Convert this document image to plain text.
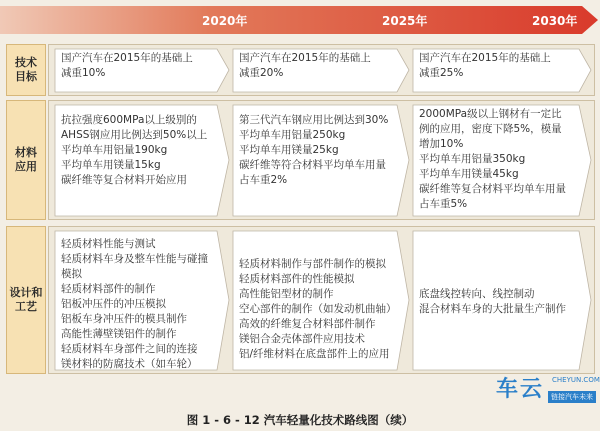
2020年	2025年	2030年
技术
目标
国产汽车在2015年的基础上
减重10%
国产汽车在2015年的基础上
减重20%
国产汽车在2015年的基础上
减重25%
材料
应用
抗拉强度600MPa以上级别的
AHSS钢应用比例达到50%以上
平均单车用铝量190kg
平均单车用镁量15kg
碳纤维等复合材料开始应用
第三代汽车钢应用比例达到30%
平均单车用铝量250kg
平均单车用镁量25kg
碳纤维等符合材料平均单车用量
占车重2%
2000MPa级以上钢材有一定比
例的应用，密度下降5%，模量
增加10%
平均单车用铝量350kg
平均单车用镁量45kg
碳纤维等复合材料平均单车用量
占车重5%
设计和
工艺
轻质材料性能与测试
轻质材料车身及整车性能与碰撞
模拟
轻质材料部件的制作
铝板冲压件的冲压模拟
铝板车身冲压件的模具制作
高能性薄壁镁铝件的制作
轻质材料车身部件之间的连接
镁材料的防腐技术（如车轮）
轻质材料制作与部件制作的模拟
轻质材料部件的性能模拟
高性能铝型材的制作
空心部件的制作（如发动机曲轴）
高效的纤维复合材料部件制作
镁铝合金壳体部件应用技术
铝/纤维材料在底盘部件上的应用
底盘线控转向、线控制动
混合材料车身的大批量生产制作
车云 CHEYUN.COM
链接汽车未来
图 1 - 6 - 12 汽车轻量化技术路线图（续）
